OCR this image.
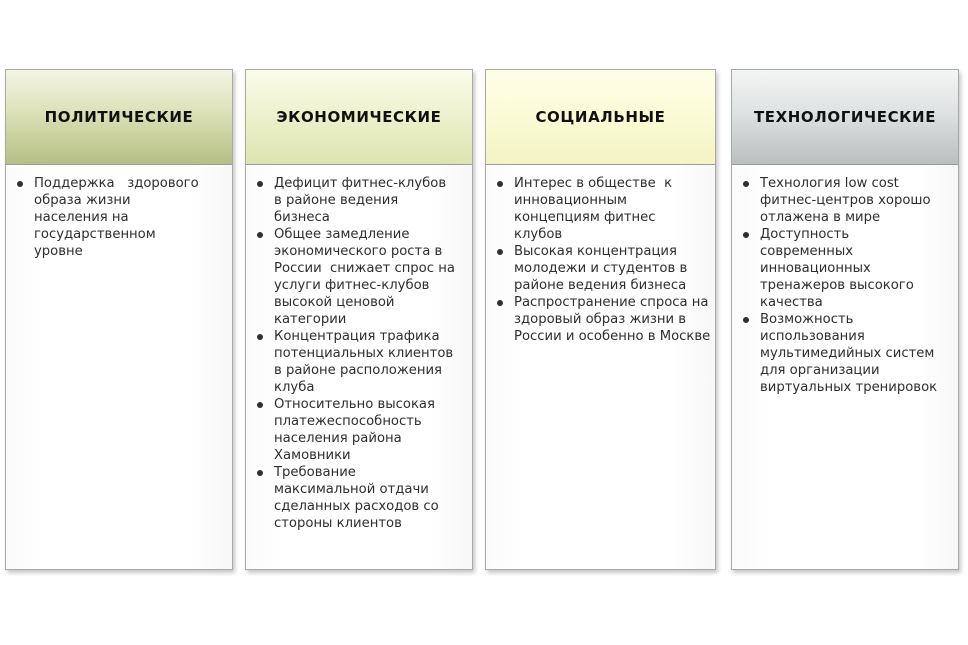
ПОЛИТИЧЕСКИЕ
Поддержка   здорового образа жизни населения на государственном уровне
ЭКОНОМИЧЕСКИЕ
Дефицит фитнес-клубов в районе ведения бизнеса
Общее замедление экономического роста в России  снижает спрос на услуги фитнес-клубов высокой ценовой категории
Концентрация трафика потенциальных клиентов в районе расположения клуба
Относительно высокая платежеспособность населения района Хамовники
Требование максимальной отдачи сделанных расходов со стороны клиентов
СОЦИАЛЬНЫЕ
Интерес в обществе  к инновационным концепциям фитнес клубов
Высокая концентрация молодежи и студентов в районе ведения бизнеса
Распространение спроса на здоровый образ жизни в России и особенно в Москве
ТЕХНОЛОГИЧЕСКИЕ
Технология low cost фитнес-центров хорошо отлажена в мире
Доступность современных инновационных тренажеров высокого качества
Возможность использования мультимедийных систем для организации виртуальных тренировок
